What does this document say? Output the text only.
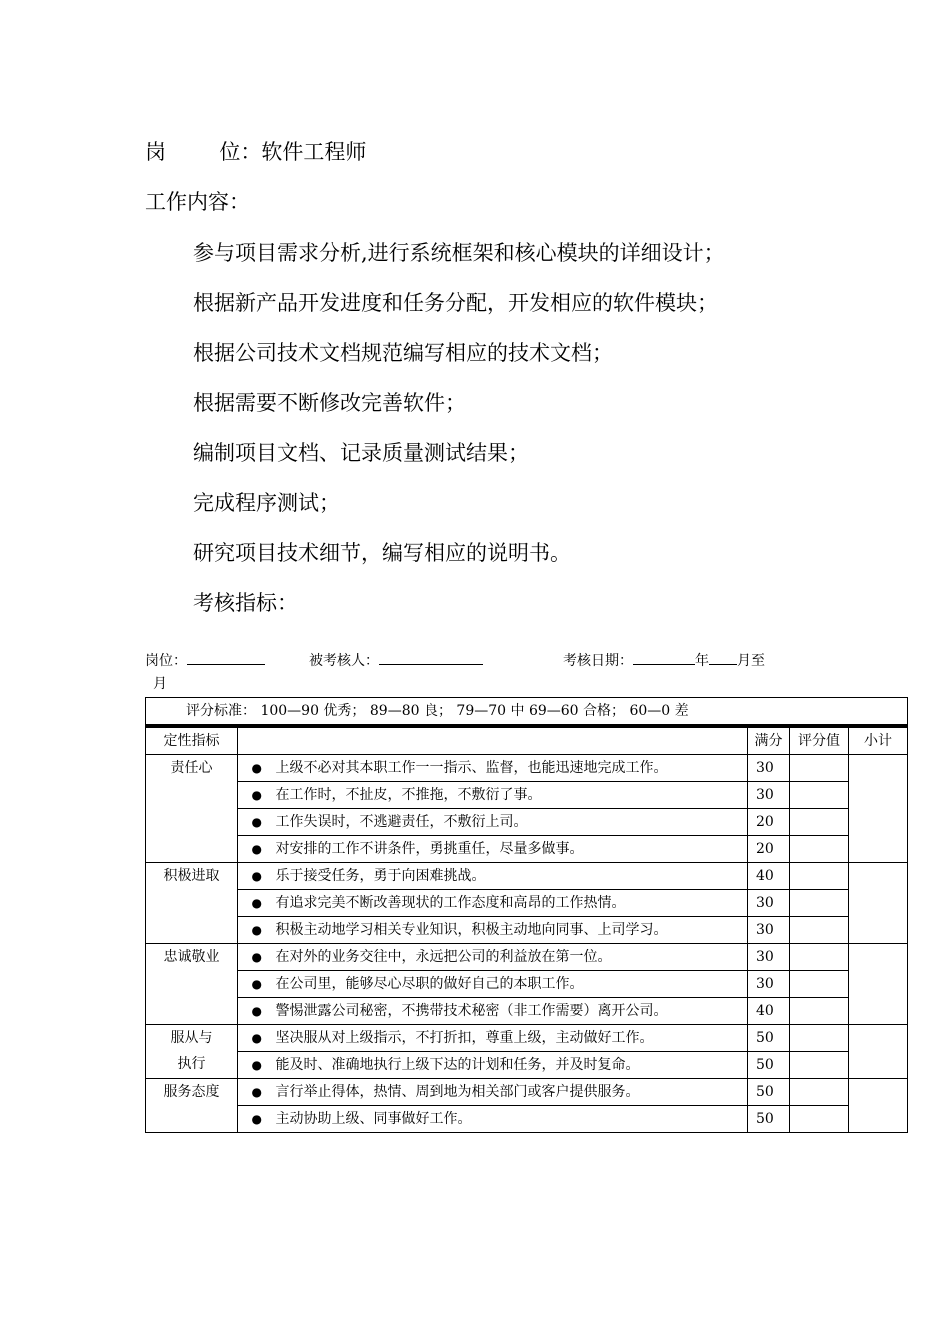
岗        位：软件工程师
工作内容：
参与项目需求分析,进行系统框架和核心模块的详细设计；
根据新产品开发进度和任务分配，开发相应的软件模块；
根据公司技术文档规范编写相应的技术文档；
根据需要不断修改完善软件；
编制项目文档、记录质量测试结果；
完成程序测试；
研究项目技术细节，编写相应的说明书。
考核指标：
岗位：	被考核人：	考核日期：	年 月至
月
评分标准： 100—90 优秀； 89—80 良； 79—70 中 69—60 合格； 60—0 差					
定性指标			满分	评分值	小计
责任心	●	上级不必对其本职工作一一指示、监督，也能迅速地完成工作。	30		
	●	在工作时，不扯皮，不推拖，不敷衍了事。	30		
	●	工作失误时，不逃避责任，不敷衍上司。	20		
	●	对安排的工作不讲条件，勇挑重任，尽量多做事。	20		
积极进取	●	乐于接受任务，勇于向困难挑战。	40		
	●	有追求完美不断改善现状的工作态度和高昂的工作热情。	30		
	●	积极主动地学习相关专业知识，积极主动地向同事、上司学习。	30		
忠诚敬业	●	在对外的业务交往中，永远把公司的利益放在第一位。	30		
	●	在公司里，能够尽心尽职的做好自己的本职工作。	30		
	●	警惕泄露公司秘密，不携带技术秘密（非工作需要）离开公司。	40		
服从与执行	●	坚决服从对上级指示，不打折扣，尊重上级，主动做好工作。	50		
	●	能及时、准确地执行上级下达的计划和任务，并及时复命。	50		
服务态度	●	言行举止得体，热情、周到地为相关部门或客户提供服务。	50		
	●	主动协助上级、同事做好工作。	50		
